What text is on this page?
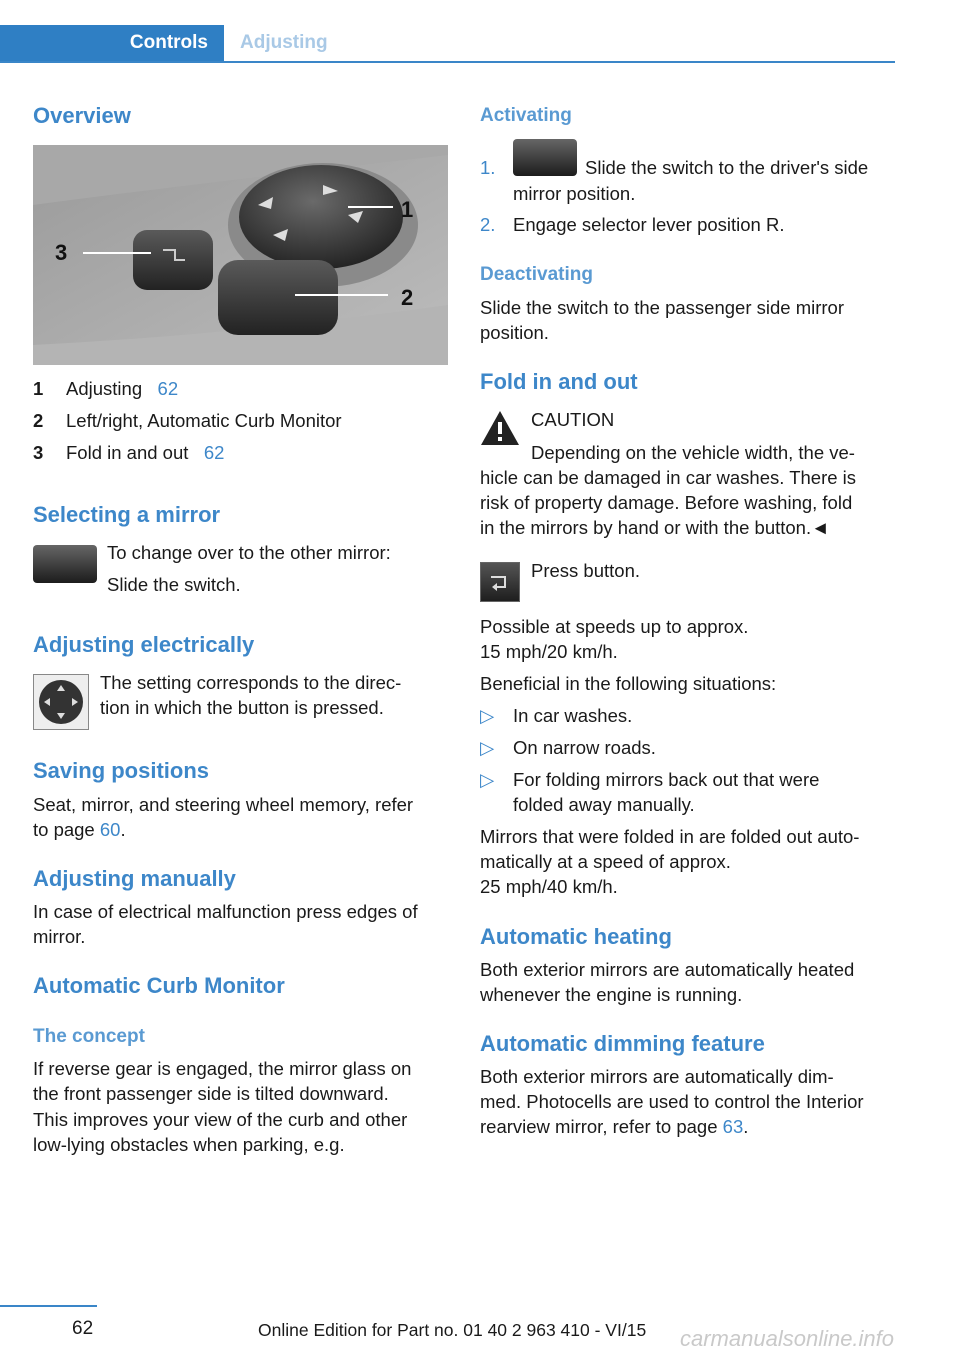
Controls	Adjusting
Overview
3
1
2
1 Adjusting 62
2 Left/right, Automatic Curb Monitor
3 Fold in and out 62
Selecting a mirror
To change over to the other mirror:
Slide the switch.
Adjusting electrically
The setting corresponds to the direc‐
tion in which the button is pressed.
Saving positions
Seat, mirror, and steering wheel memory, refer
to page 60.
Adjusting manually
In case of electrical malfunction press edges of
mirror.
Automatic Curb Monitor
The concept
If reverse gear is engaged, the mirror glass on
the front passenger side is tilted downward.
This improves your view of the curb and other
low-lying obstacles when parking, e.g.
Activating
1.	Slide the switch to the driver's side
mirror position.
2. Engage selector lever position R.
Deactivating
Slide the switch to the passenger side mirror
position.
Fold in and out
CAUTION
Depending on the vehicle width, the ve‐
hicle can be damaged in car washes. There is
risk of property damage. Before washing, fold
in the mirrors by hand or with the button.◄
Press button.
Possible at speeds up to approx.
15 mph/20 km/h.
Beneficial in the following situations:
▷ In car washes.
▷ On narrow roads.
▷ For folding mirrors back out that were
folded away manually.
Mirrors that were folded in are folded out auto‐
matically at a speed of approx.
25 mph/40 km/h.
Automatic heating
Both exterior mirrors are automatically heated
whenever the engine is running.
Automatic dimming feature
Both exterior mirrors are automatically dim‐
med. Photocells are used to control the Interior
rearview mirror, refer to page 63.
62	Online Edition for Part no. 01 40 2 963 410 - VI/15 carmanualsonline.info
